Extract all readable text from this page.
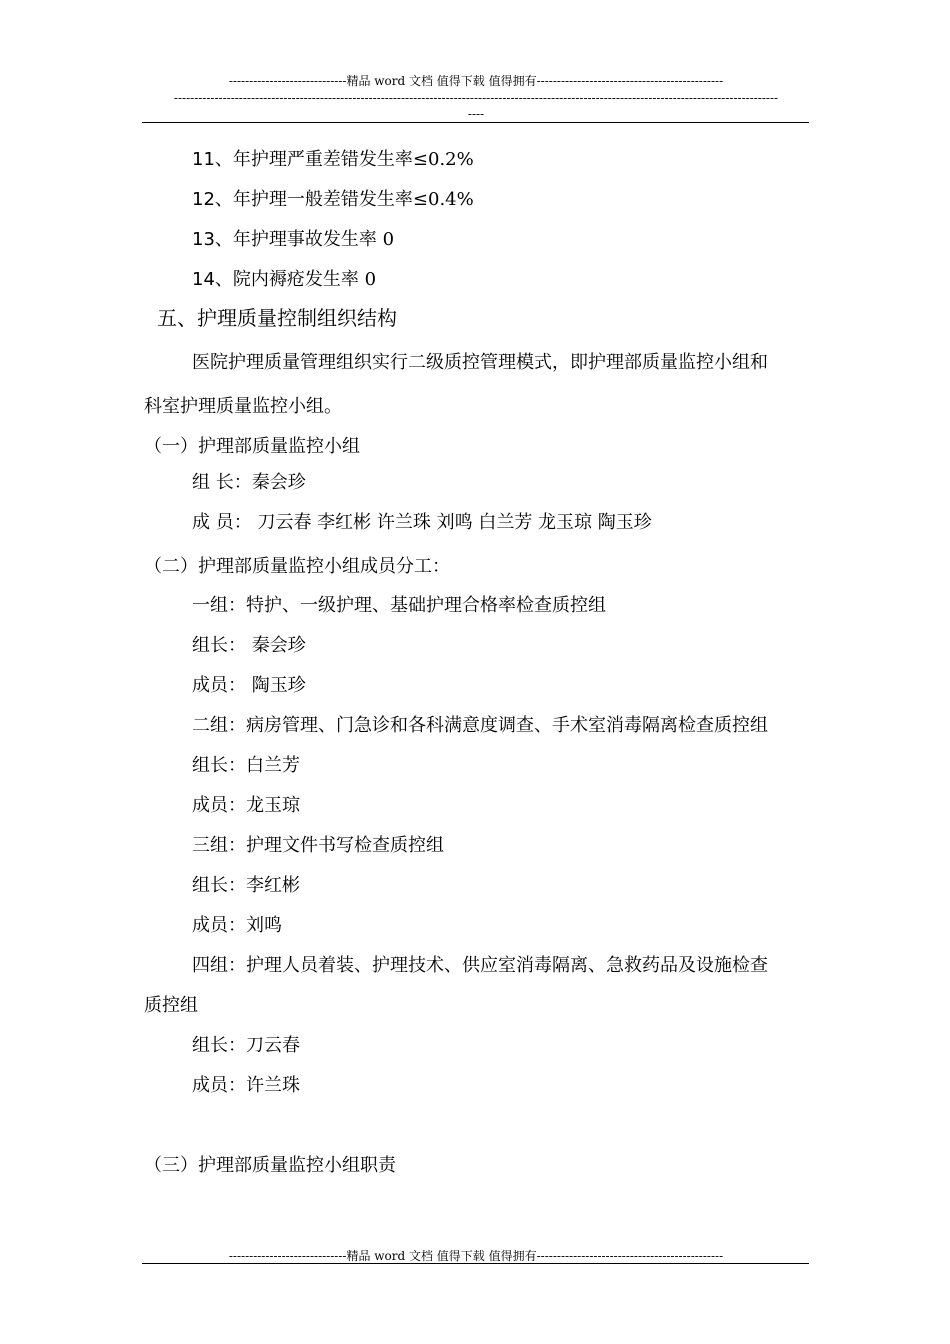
-----------------------------精品 word 文档 值得下载 值得拥有----------------------------------------------
-----------------------------------------------------------------------------------------------------------------------------------------------------
----
11、年护理严重差错发生率≤0.2%
12、年护理一般差错发生率≤0.4%
13、年护理事故发生率 0
14、院内褥疮发生率 0
五、护理质量控制组织结构
医院护理质量管理组织实行二级质控管理模式，即护理部质量监控小组和
科室护理质量监控小组。
（一）护理部质量监控小组
组 长：秦会珍
成 员： 刀云春 李红彬 许兰珠 刘鸣 白兰芳 龙玉琼 陶玉珍
（二）护理部质量监控小组成员分工：
一组：特护、一级护理、基础护理合格率检查质控组
组长： 秦会珍
成员： 陶玉珍
二组：病房管理、门急诊和各科满意度调查、手术室消毒隔离检查质控组
组长：白兰芳
成员：龙玉琼
三组：护理文件书写检查质控组
组长：李红彬
成员：刘鸣
四组：护理人员着装、护理技术、供应室消毒隔离、急救药品及设施检查
质控组
组长：刀云春
成员：许兰珠
（三）护理部质量监控小组职责
-----------------------------精品 word 文档 值得下载 值得拥有----------------------------------------------
